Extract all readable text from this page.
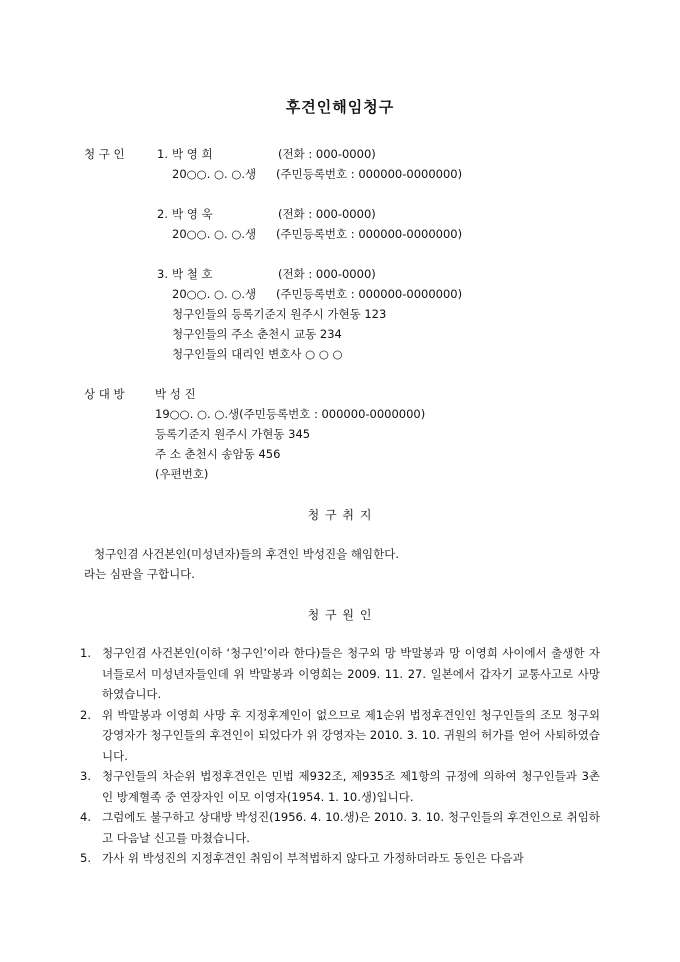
후견인해임청구
청 구 인	1. 박 영 희	(전화 : 000-0000)
20○○. ○. ○.생 (주민등록번호 : 000000-0000000)
2. 박 영 욱	(전화 : 000-0000)
20○○. ○. ○.생 (주민등록번호 : 000000-0000000)
3. 박 철 호	(전화 : 000-0000)
20○○. ○. ○.생 (주민등록번호 : 000000-0000000)
청구인들의 등록기준지 원주시 가현동 123
청구인들의 주소 춘천시 교동 234
청구인들의 대리인 변호사 ○ ○ ○
상 대 방	박 성 진
19○○. ○. ○.생(주민등록번호 : 000000-0000000)
등록기준지 원주시 가현동 345
주 소 춘천시 송암동 456
(우편번호)
청 구 취 지
청구인겸 사건본인(미성년자)들의 후견인 박성진을 해임한다.
라는 심판을 구합니다.
청 구 원 인
1. 청구인겸 사건본인(이하 ‘청구인’이라 한다)들은 청구외 망 박말봉과 망 이영희 사이에서 출생한 자녀들로서 미성년자들인데 위 박말봉과 이영희는 2009. 11. 27. 일본에서 갑자기 교통사고로 사망하였습니다.
2. 위 박말봉과 이영희 사망 후 지정후계인이 없으므로 제1순위 법정후견인인 청구인들의 조모 청구외 강영자가 청구인들의 후견인이 되었다가 위 강영자는 2010. 3. 10. 귀원의 허가를 얻어 사퇴하였습니다.
3. 청구인들의 차순위 법정후견인은 민법 제932조, 제935조 제1항의 규정에 의하여 청구인들과 3촌인 방계혈족 중 연장자인 이모 이영자(1954. 1. 10.생)입니다.
4. 그럼에도 불구하고 상대방 박성진(1956. 4. 10.생)은 2010. 3. 10. 청구인들의 후견인으로 취임하고 다음날 신고를 마쳤습니다.
5. 가사 위 박성진의 지정후견인 취임이 부적법하지 않다고 가정하더라도 동인은 다음과
